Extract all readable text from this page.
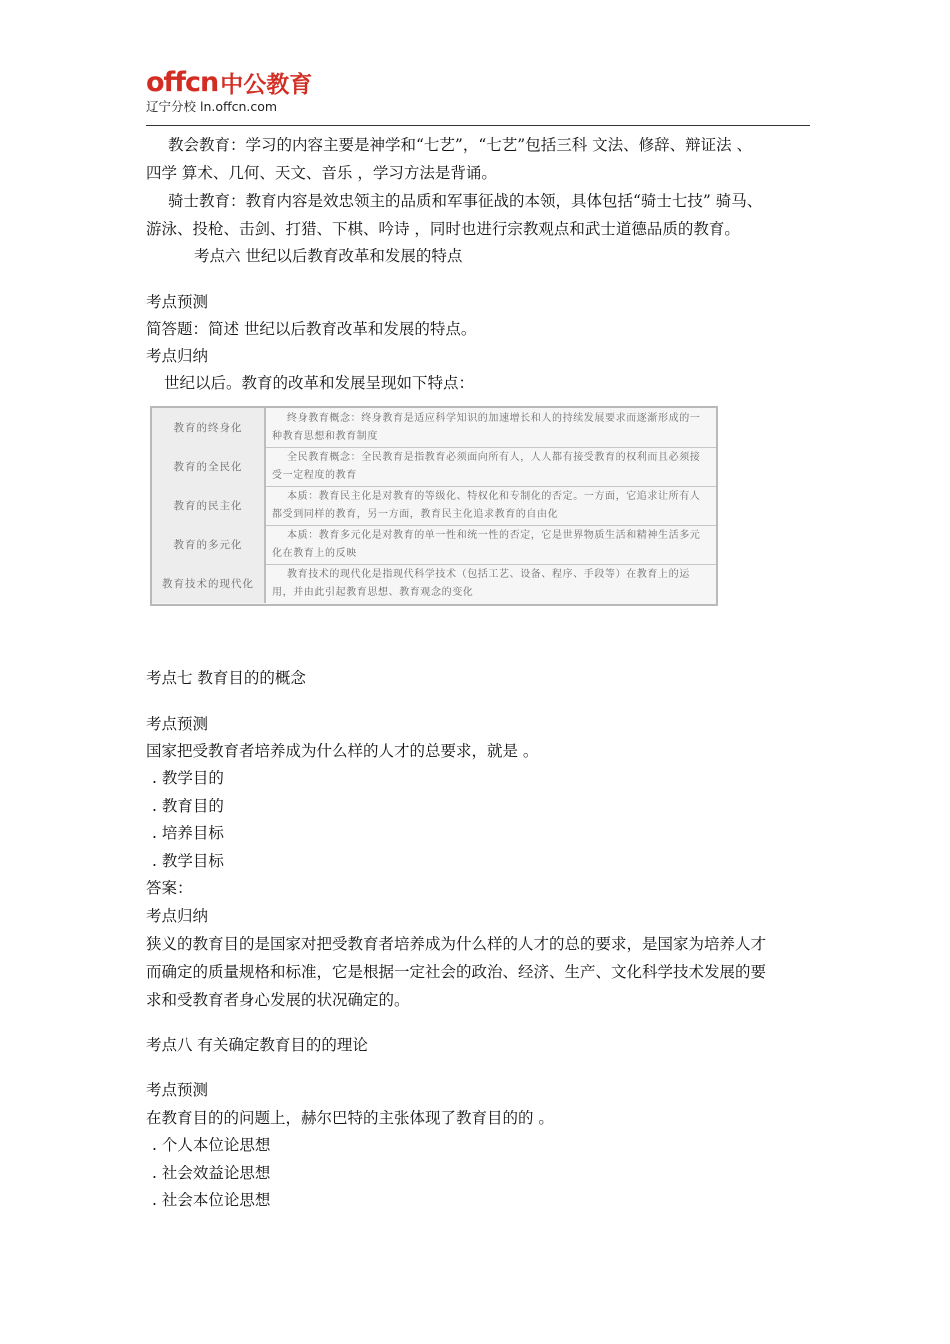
offcn中公教育
辽宁分校 ln.offcn.com
教会教育：学习的内容主要是神学和“七艺”，“七艺”包括三科 文法、修辞、辩证法 、
四学 算术、几何、天文、音乐 ，学习方法是背诵。
骑士教育：教育内容是效忠领主的品质和军事征战的本领，具体包括“骑士七技” 骑马、
游泳、投枪、击剑、打猎、下棋、吟诗 ，同时也进行宗教观点和武士道德品质的教育。
考点六 世纪以后教育改革和发展的特点
考点预测
简答题：简述 世纪以后教育改革和发展的特点。
考点归纳
世纪以后。教育的改革和发展呈现如下特点：
教育的终身化
终身教育概念：终身教育是适应科学知识的加速增长和人的持续发展要求而逐渐形成的一种教育思想和教育制度
教育的全民化
全民教育概念：全民教育是指教育必须面向所有人，人人都有接受教育的权利而且必须接受一定程度的教育
教育的民主化
本质：教育民主化是对教育的等级化、特权化和专制化的否定。一方面，它追求让所有人都受到同样的教育，另一方面，教育民主化追求教育的自由化
教育的多元化
本质：教育多元化是对教育的单一性和统一性的否定，它是世界物质生活和精神生活多元化在教育上的反映
教育技术的现代化
教育技术的现代化是指现代科学技术（包括工艺、设备、程序、手段等）在教育上的运用，并由此引起教育思想、教育观念的变化
考点七 教育目的的概念
考点预测
国家把受教育者培养成为什么样的人才的总要求，就是 。
. 教学目的
. 教育目的
. 培养目标
. 教学目标
答案：
考点归纳
狭义的教育目的是国家对把受教育者培养成为什么样的人才的总的要求，是国家为培养人才
而确定的质量规格和标准，它是根据一定社会的政治、经济、生产、文化科学技术发展的要
求和受教育者身心发展的状况确定的。
考点八 有关确定教育目的的理论
考点预测
在教育目的的问题上，赫尔巴特的主张体现了教育目的的 。
. 个人本位论思想
. 社会效益论思想
. 社会本位论思想
